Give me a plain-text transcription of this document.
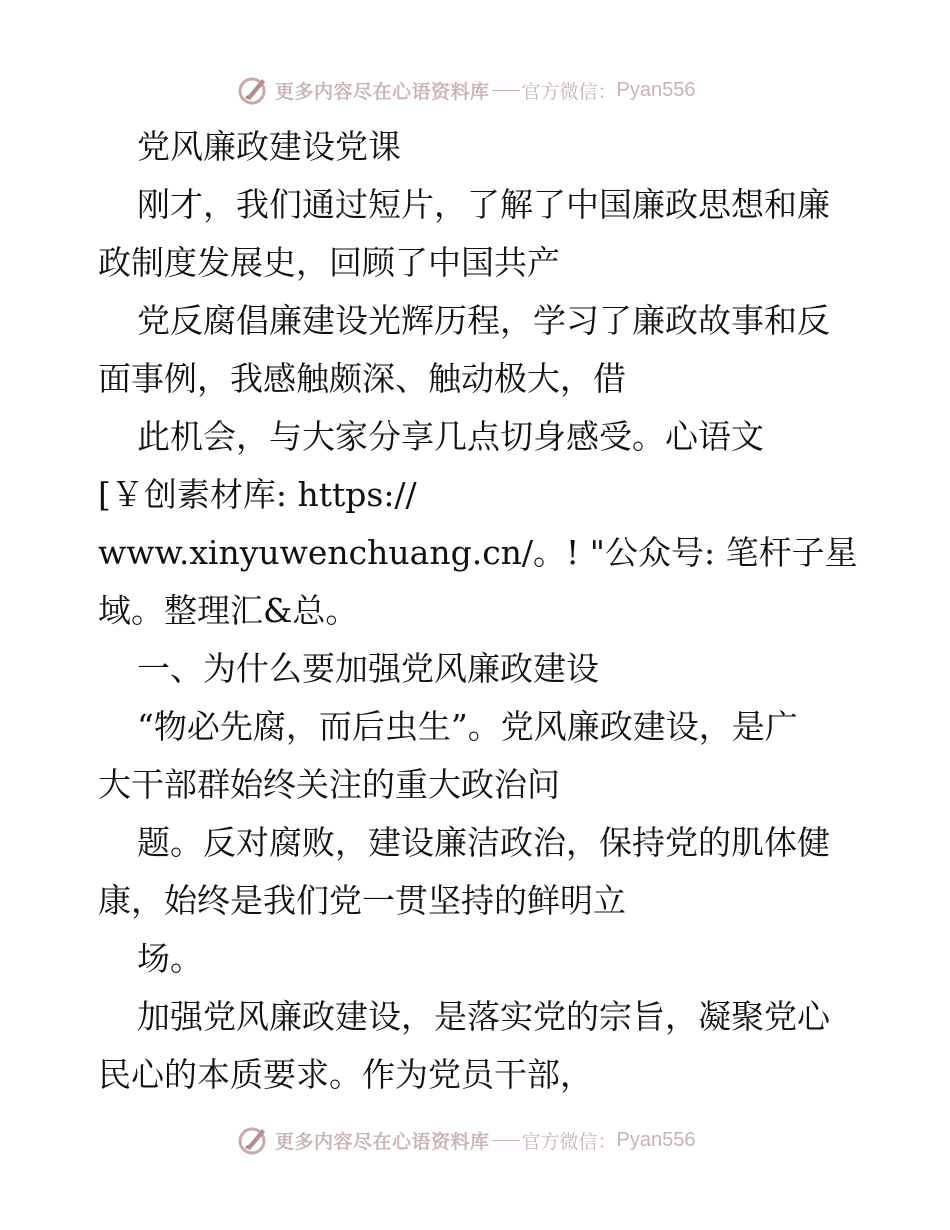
更多内容尽在心语资料库 官方微信： Pyan556
党风廉政建设党课
刚才，我们通过短片，了解了中国廉政思想和廉
政制度发展史，回顾了中国共产
党反腐倡廉建设光辉历程，学习了廉政故事和反
面事例，我感触颇深、触动极大，借
此机会，与大家分享几点切身感受。心语文
[￥创素材库: https://
www.xinyuwenchuang.cn/。! "公众号: 笔杆子星
域。整理汇&总。
一、为什么要加强党风廉政建设
“物必先腐，而后虫生”。党风廉政建设，是广
大干部群始终关注的重大政治问
题。反对腐败，建设廉洁政治，保持党的肌体健
康，始终是我们党一贯坚持的鲜明立
场。
加强党风廉政建设，是落实党的宗旨，凝聚党心
民心的本质要求。作为党员干部，
更多内容尽在心语资料库 官方微信： Pyan556
